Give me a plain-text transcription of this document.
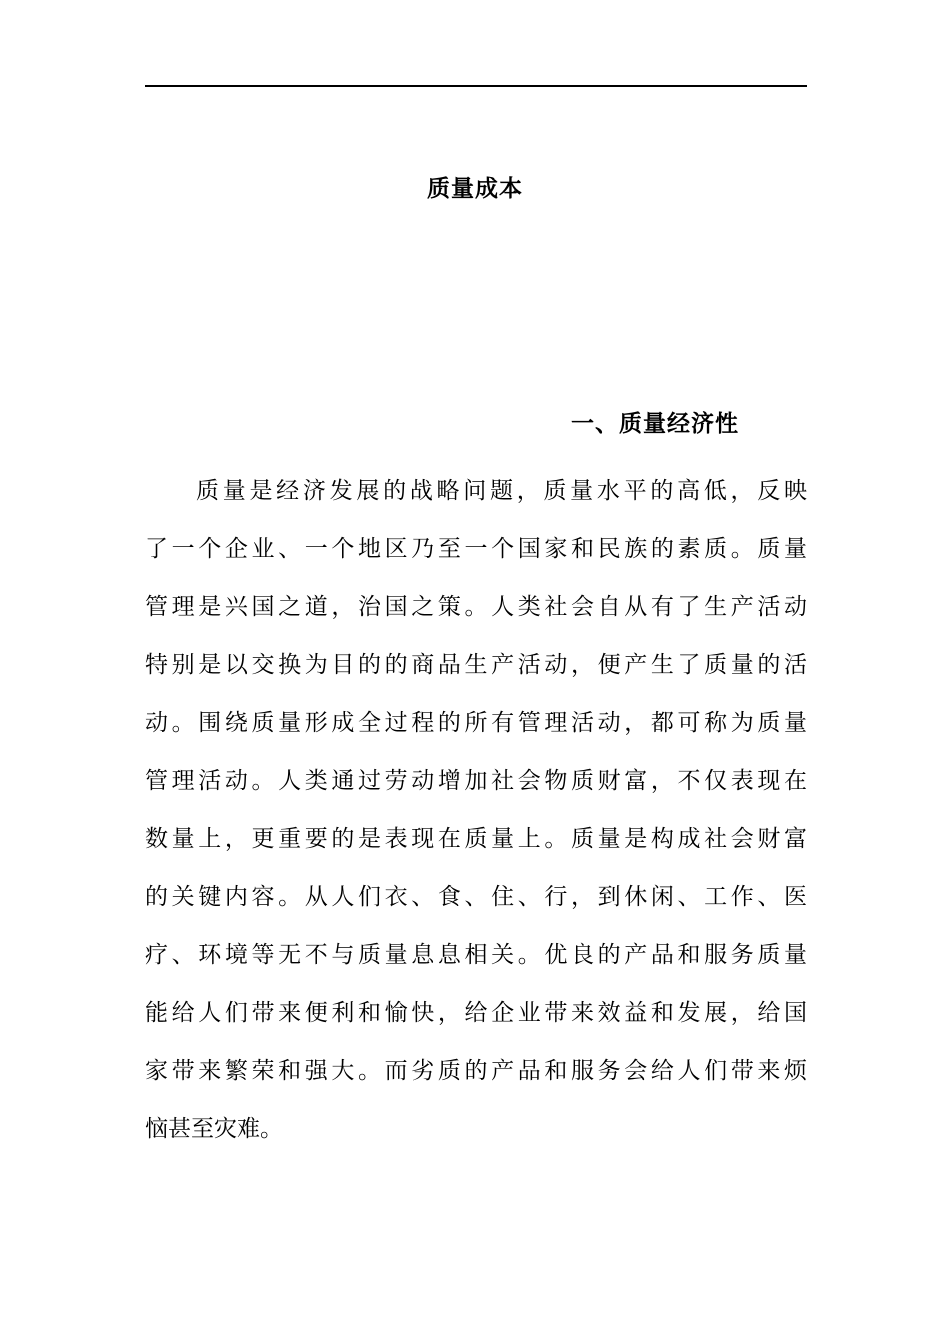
质量成本
一、质量经济性
质量是经济发展的战略问题，质量水平的高低，反映
了一个企业、一个地区乃至一个国家和民族的素质。质量
管理是兴国之道，治国之策。人类社会自从有了生产活动
特别是以交换为目的的商品生产活动，便产生了质量的活
动。围绕质量形成全过程的所有管理活动，都可称为质量
管理活动。人类通过劳动增加社会物质财富，不仅表现在
数量上，更重要的是表现在质量上。质量是构成社会财富
的关键内容。从人们衣、食、住、行，到休闲、工作、医
疗、环境等无不与质量息息相关。优良的产品和服务质量
能给人们带来便利和愉快，给企业带来效益和发展，给国
家带来繁荣和强大。而劣质的产品和服务会给人们带来烦
恼甚至灾难。
